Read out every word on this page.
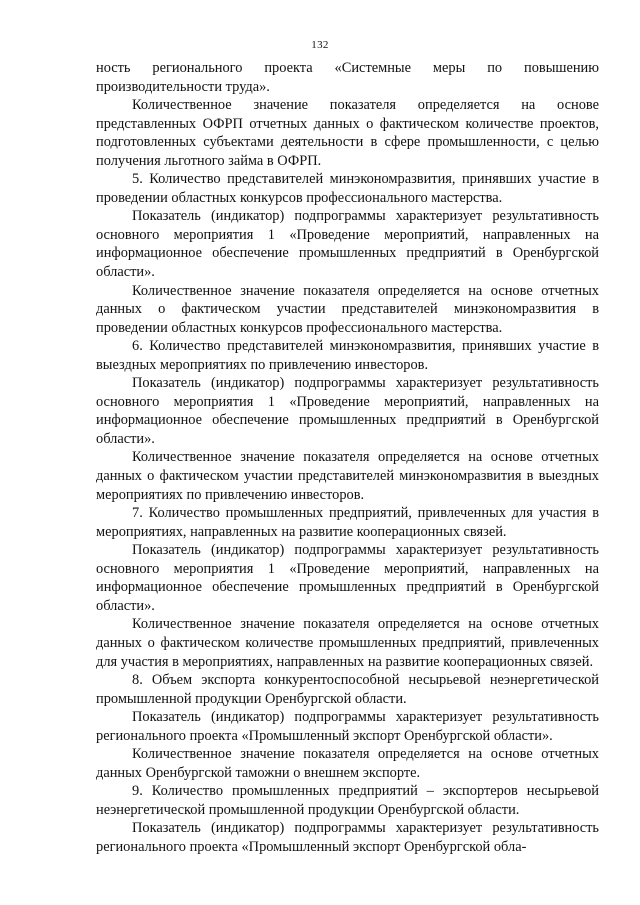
132

ность регионального проекта «Системные меры по повышению производительности труда».

Количественное значение показателя определяется на основе представленных ОФРП отчетных данных о фактическом количестве проектов, подготовленных субъектами деятельности в сфере промышленности, с целью получения льготного займа в ОФРП.

5. Количество представителей минэкономразвития, принявших участие в проведении областных конкурсов профессионального мастерства.

Показатель (индикатор) подпрограммы характеризует результативность основного мероприятия 1 «Проведение мероприятий, направленных на информационное обеспечение промышленных предприятий в Оренбургской области».

Количественное значение показателя определяется на основе отчетных данных о фактическом участии представителей минэкономразвития в проведении областных конкурсов профессионального мастерства.

6. Количество представителей минэкономразвития, принявших участие в выездных мероприятиях по привлечению инвесторов.

Показатель (индикатор) подпрограммы характеризует результативность основного мероприятия 1 «Проведение мероприятий, направленных на информационное обеспечение промышленных предприятий в Оренбургской области».

Количественное значение показателя определяется на основе отчетных данных о фактическом участии представителей минэкономразвития в выездных мероприятиях по привлечению инвесторов.

7. Количество промышленных предприятий, привлеченных для участия в мероприятиях, направленных на развитие кооперационных связей.

Показатель (индикатор) подпрограммы характеризует результативность основного мероприятия 1 «Проведение мероприятий, направленных на информационное обеспечение промышленных предприятий в Оренбургской области».

Количественное значение показателя определяется на основе отчетных данных о фактическом количестве промышленных предприятий, привлеченных для участия в мероприятиях, направленных на развитие кооперационных связей.

8. Объем экспорта конкурентоспособной несырьевой неэнергетической промышленной продукции Оренбургской области.

Показатель (индикатор) подпрограммы характеризует результативность регионального проекта «Промышленный экспорт Оренбургской области».

Количественное значение показателя определяется на основе отчетных данных Оренбургской таможни о внешнем экспорте.

9. Количество промышленных предприятий – экспортеров несырьевой неэнергетической промышленной продукции Оренбургской области.

Показатель (индикатор) подпрограммы характеризует результативность регионального проекта «Промышленный экспорт Оренбургской обла-
